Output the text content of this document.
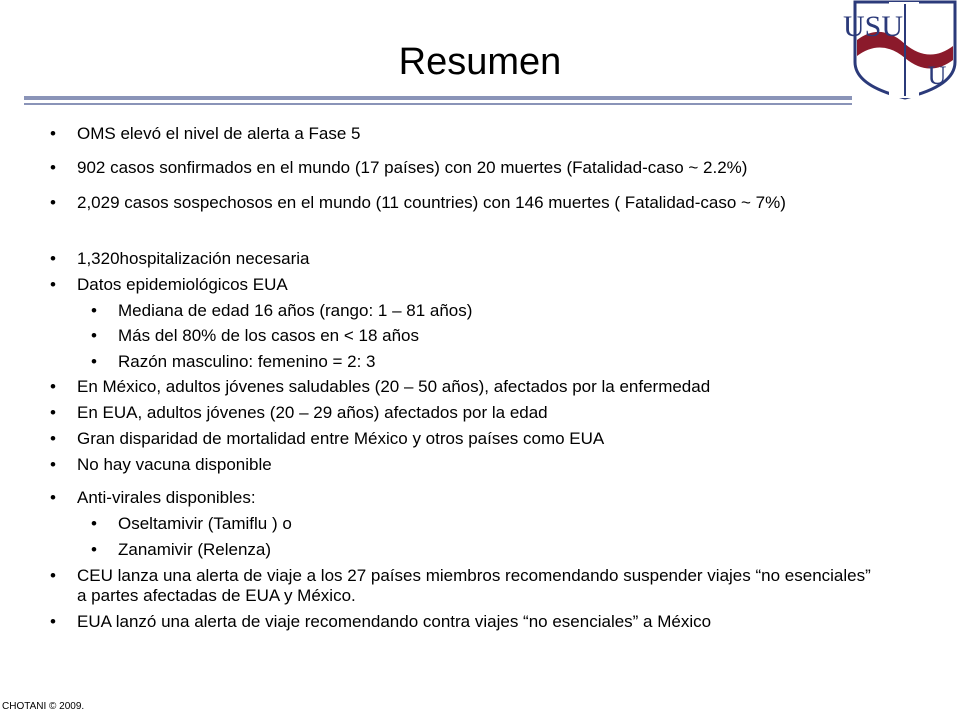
Resumen
USU
U
• OMS elevó el nivel de alerta a Fase 5
• 902 casos sonfirmados en el mundo (17 países) con 20 muertes (Fatalidad-caso ~ 2.2%)
• 2,029 casos sospechosos en el mundo (11 countries) con 146 muertes ( Fatalidad-caso ~ 7%)
• 1,320hospitalización necesaria
• Datos epidemiológicos EUA
• Mediana de edad 16 años (rango: 1 – 81 años)
• Más del 80% de los casos en < 18 años
• Razón masculino: femenino = 2: 3
• En México, adultos jóvenes saludables (20 – 50 años), afectados por la enfermedad
• En EUA, adultos jóvenes (20 – 29 años) afectados por la edad
• Gran disparidad de mortalidad entre México y otros países como EUA
• No hay vacuna disponible
• Anti-virales disponibles:
• Oseltamivir (Tamiflu ) o
• Zanamivir (Relenza)
• CEU lanza una alerta de viaje a los 27 países miembros recomendando suspender viajes “no esenciales” a partes afectadas de EUA y México.
• EUA lanzó una alerta de viaje recomendando contra viajes “no esenciales” a México
CHOTANI © 2009.
